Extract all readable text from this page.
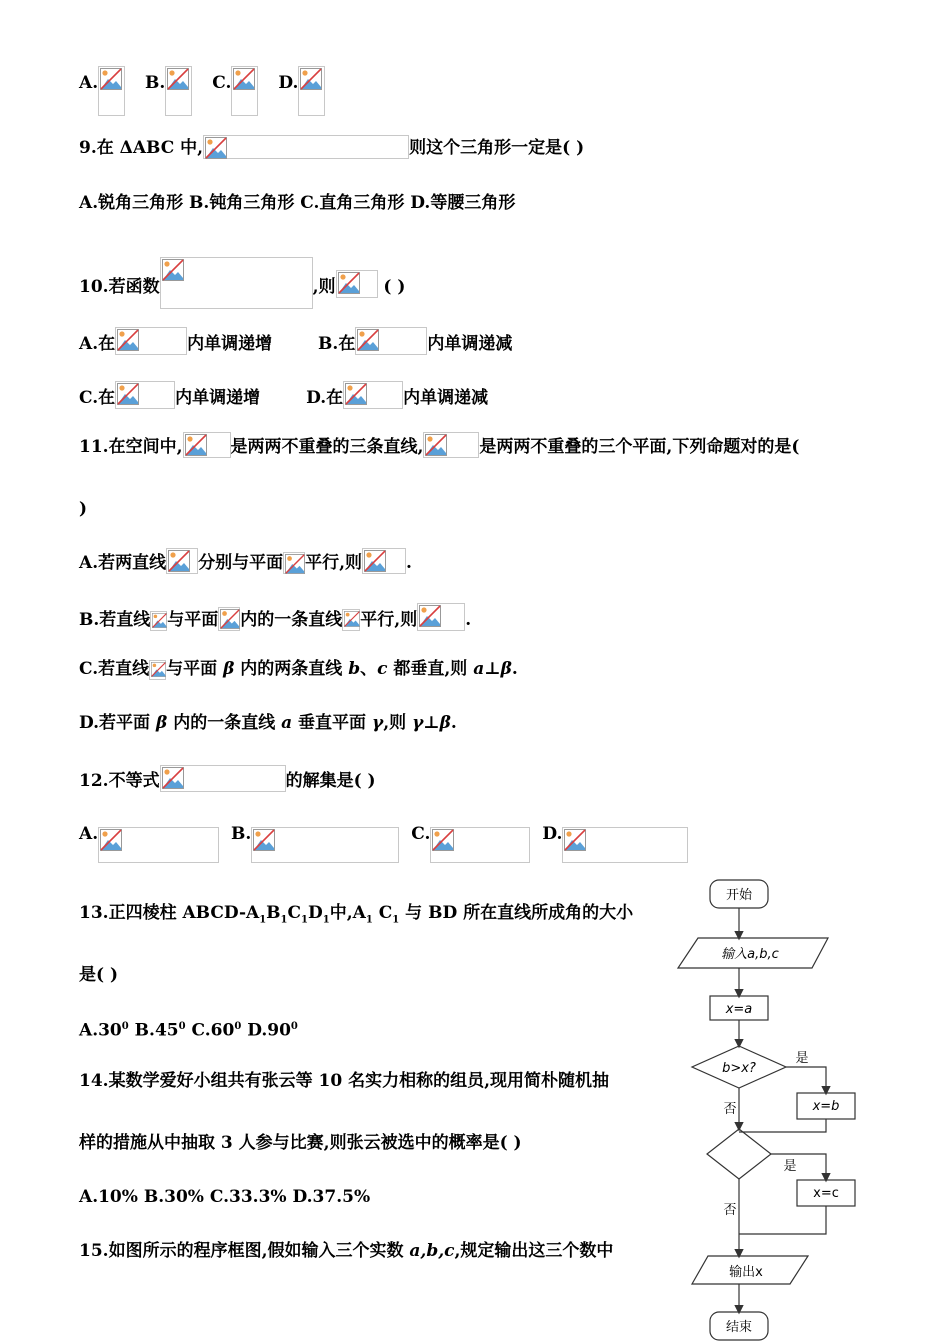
A.	B.	C.	D.
9.在 ΔABC 中,	则这个三角形一定是( )
A.锐角三角形 B.钝角三角形 C.直角三角形 D.等腰三角形
10.若函数	,则	( )
A.在	内单调递增	B.在	内单调递减
C.在	内单调递增	D.在	内单调递减
11.在空间中,	是两两不重叠的三条直线,	是两两不重叠的三个平面,下列命题对的是(
)
A.若两直线 分别与平面 平行,则	.
B.若直线 与平面 内的一条直线 平行,则	.
C.若直线 与平面 β 内的两条直线 b、c 都垂直,则 a⊥β.
D.若平面 β 内的一条直线 a 垂直平面 γ,则 γ⊥β.
12.不等式	的解集是( )
A.	B.	C.	D.
13.正四棱柱 ABCD-$A_1B_1C_1D_1$中$,A_1$ $C_1$ 与 BD 所在直线所成角的大小
是( )
$A.30^0$ $B.45^0$ $C.60^0$ $D.90^0$
14.某数学爱好小组共有张云等 10 名实力相称的组员,现用简朴随机抽
样的措施从中抽取 3 人参与比赛,则张云被选中的概率是( )
A.10% B.30% C.33.3% D.37.5%
15.如图所示的程序框图,假如输入三个实数 a,b,c,规定输出这三个数中
开始
输入a,b,c
x=a
b>x?
是
否	x=b
是
否
x=c
输出x
结束
